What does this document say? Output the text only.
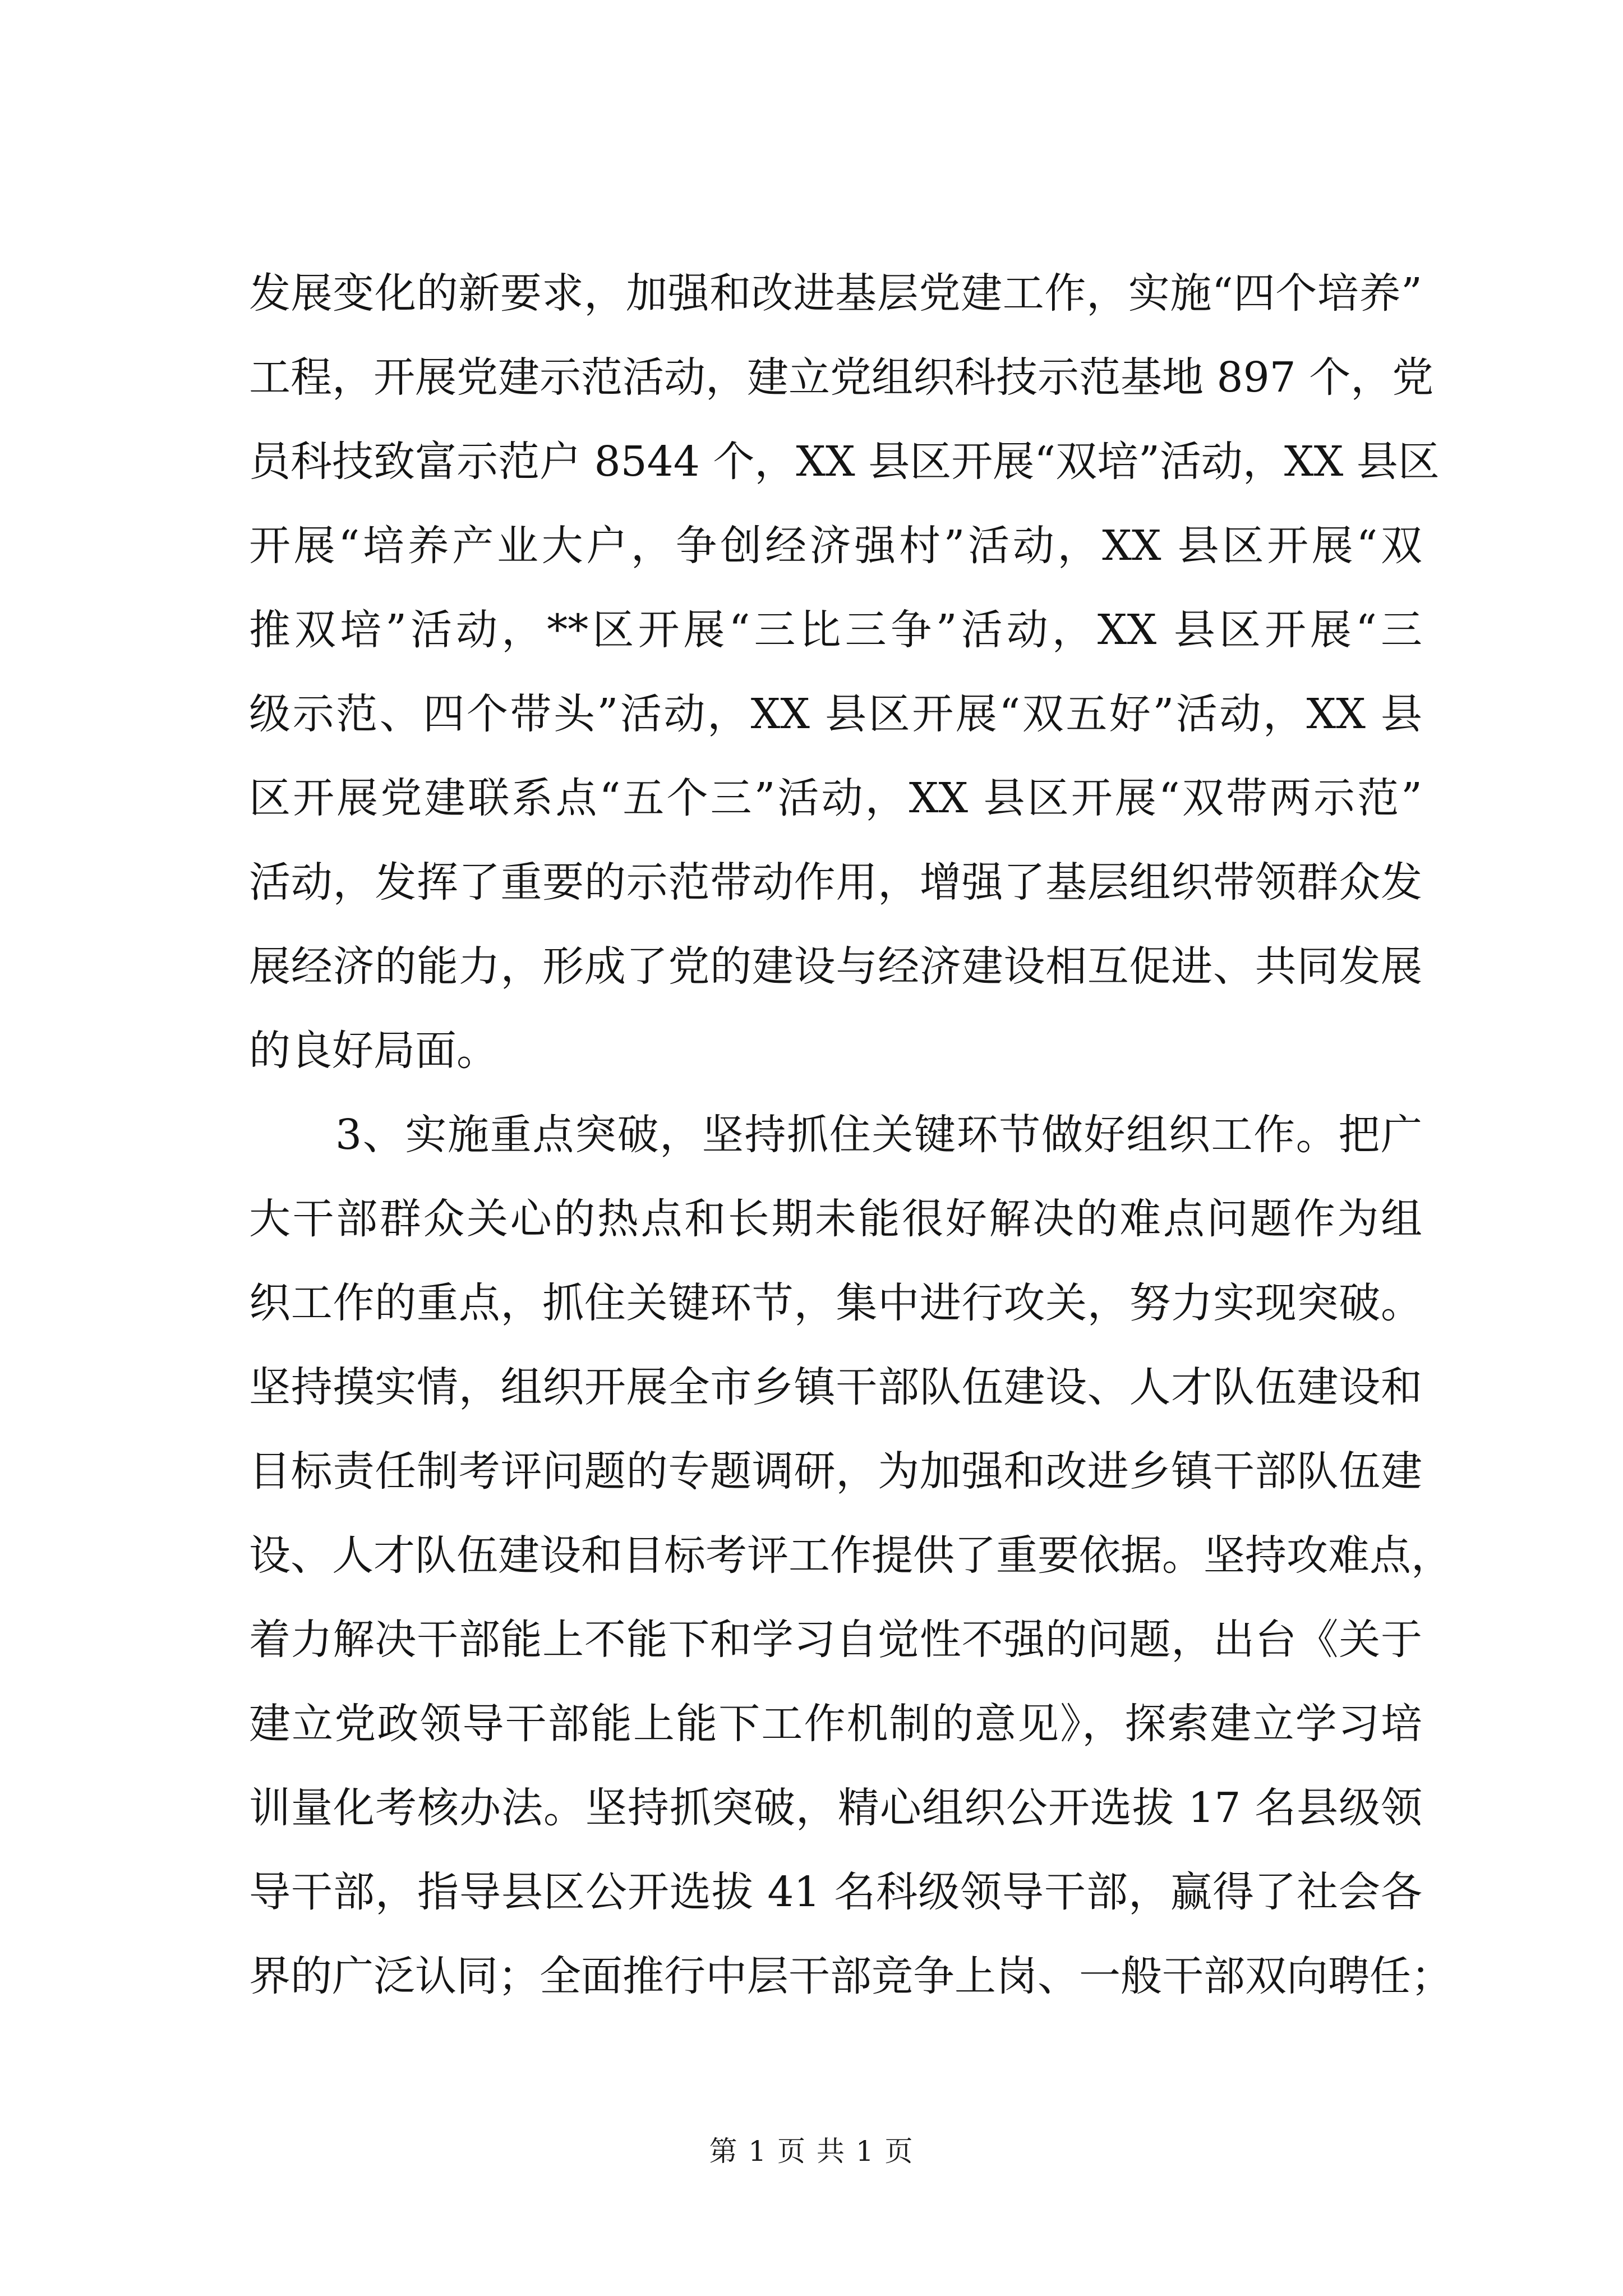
发展变化的新要求，加强和改进基层党建工作，实施“四个培养”
工程，开展党建示范活动，建立党组织科技示范基地 897 个，党
员科技致富示范户 8544 个，XX 县区开展“双培”活动，XX 县区
开展“培养产业大户，争创经济强村”活动，XX 县区开展“双
推双培”活动，**区开展“三比三争”活动，XX 县区开展“三
级示范、四个带头”活动，XX 县区开展“双五好”活动，XX 县
区开展党建联系点“五个三”活动，XX 县区开展“双带两示范”
活动，发挥了重要的示范带动作用，增强了基层组织带领群众发
展经济的能力，形成了党的建设与经济建设相互促进、共同发展
的良好局面。
3、实施重点突破，坚持抓住关键环节做好组织工作。把广
大干部群众关心的热点和长期未能很好解决的难点问题作为组
织工作的重点，抓住关键环节，集中进行攻关，努力实现突破。
坚持摸实情，组织开展全市乡镇干部队伍建设、人才队伍建设和
目标责任制考评问题的专题调研，为加强和改进乡镇干部队伍建
设、人才队伍建设和目标考评工作提供了重要依据。坚持攻难点，
着力解决干部能上不能下和学习自觉性不强的问题，出台《关于
建立党政领导干部能上能下工作机制的意见》，探索建立学习培
训量化考核办法。坚持抓突破，精心组织公开选拔 17 名县级领
导干部，指导县区公开选拔 41 名科级领导干部，赢得了社会各
界的广泛认同；全面推行中层干部竞争上岗、一般干部双向聘任；
第 1 页 共 1 页
